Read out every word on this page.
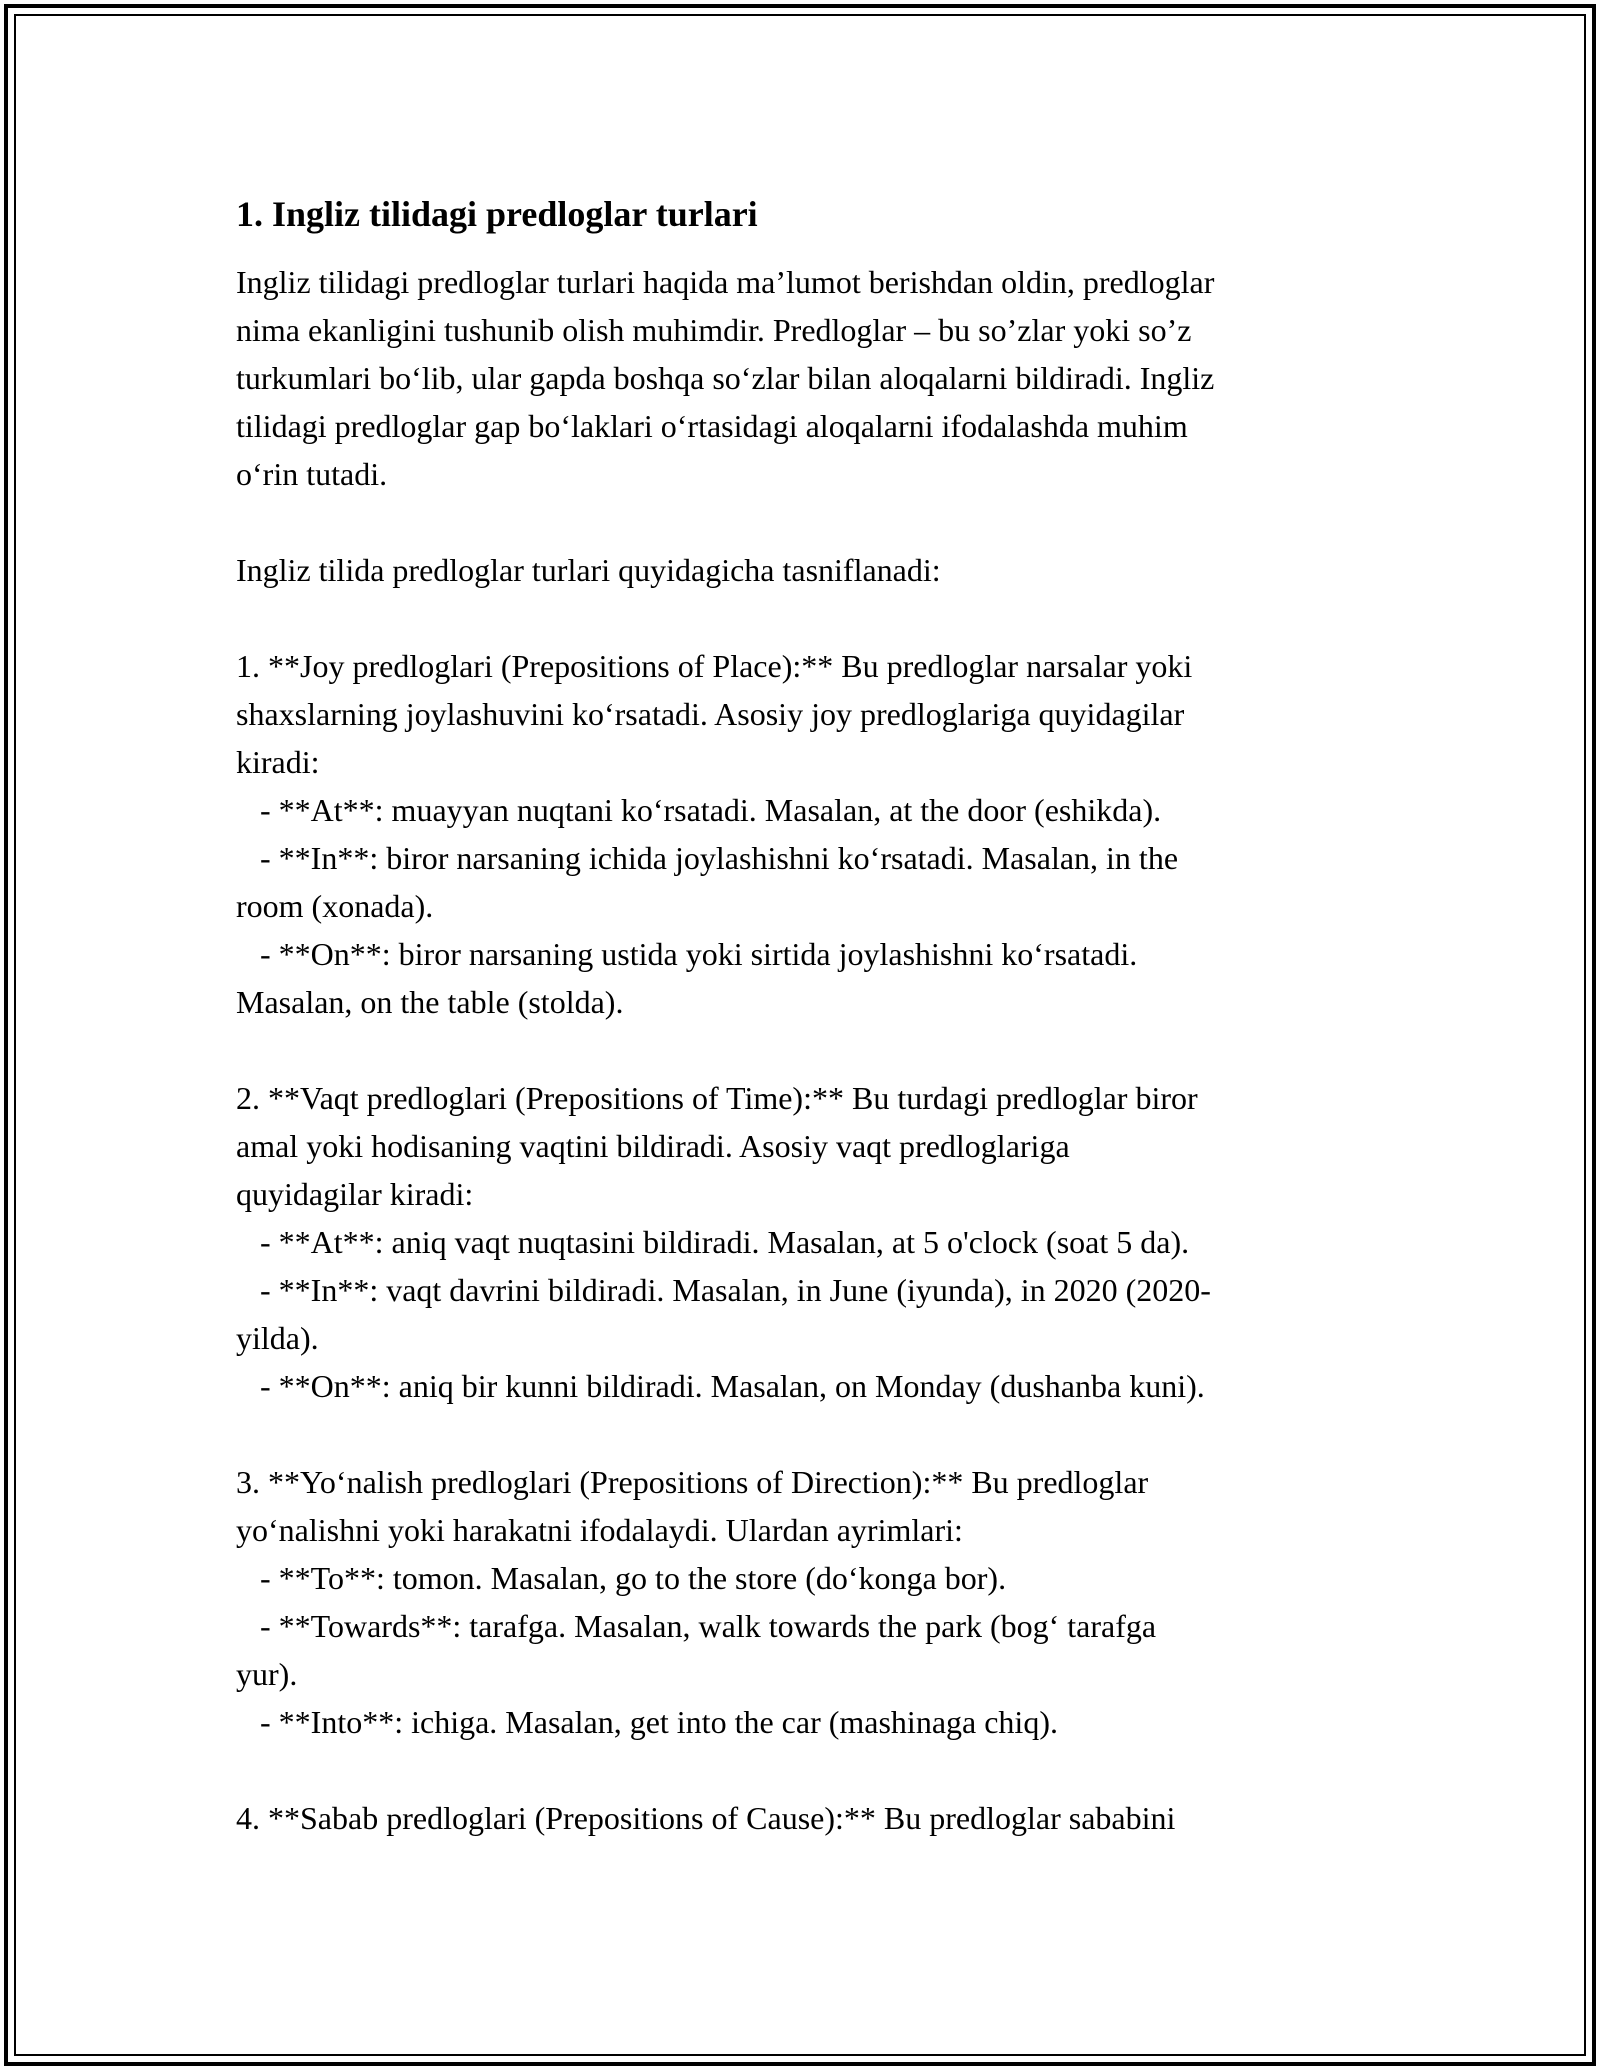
1. Ingliz tilidagi predloglar turlari
Ingliz tilidagi predloglar turlari haqida ma’lumot berishdan oldin, predloglar
nima ekanligini tushunib olish muhimdir. Predloglar – bu so’zlar yoki so’z
turkumlari bo‘lib, ular gapda boshqa so‘zlar bilan aloqalarni bildiradi. Ingliz
tilidagi predloglar gap bo‘laklari o‘rtasidagi aloqalarni ifodalashda muhim
o‘rin tutadi.
Ingliz tilida predloglar turlari quyidagicha tasniflanadi:
1. **Joy predloglari (Prepositions of Place):** Bu predloglar narsalar yoki
shaxslarning joylashuvini ko‘rsatadi. Asosiy joy predloglariga quyidagilar
kiradi:
- **At**: muayyan nuqtani ko‘rsatadi. Masalan, at the door (eshikda).
- **In**: biror narsaning ichida joylashishni ko‘rsatadi. Masalan, in the
room (xonada).
- **On**: biror narsaning ustida yoki sirtida joylashishni ko‘rsatadi.
Masalan, on the table (stolda).
2. **Vaqt predloglari (Prepositions of Time):** Bu turdagi predloglar biror
amal yoki hodisaning vaqtini bildiradi. Asosiy vaqt predloglariga
quyidagilar kiradi:
- **At**: aniq vaqt nuqtasini bildiradi. Masalan, at 5 o'clock (soat 5 da).
- **In**: vaqt davrini bildiradi. Masalan, in June (iyunda), in 2020 (2020-
yilda).
- **On**: aniq bir kunni bildiradi. Masalan, on Monday (dushanba kuni).
3. **Yo‘nalish predloglari (Prepositions of Direction):** Bu predloglar
yo‘nalishni yoki harakatni ifodalaydi. Ulardan ayrimlari:
- **To**: tomon. Masalan, go to the store (do‘konga bor).
- **Towards**: tarafga. Masalan, walk towards the park (bog‘ tarafga
yur).
- **Into**: ichiga. Masalan, get into the car (mashinaga chiq).
4. **Sabab predloglari (Prepositions of Cause):** Bu predloglar sababini
